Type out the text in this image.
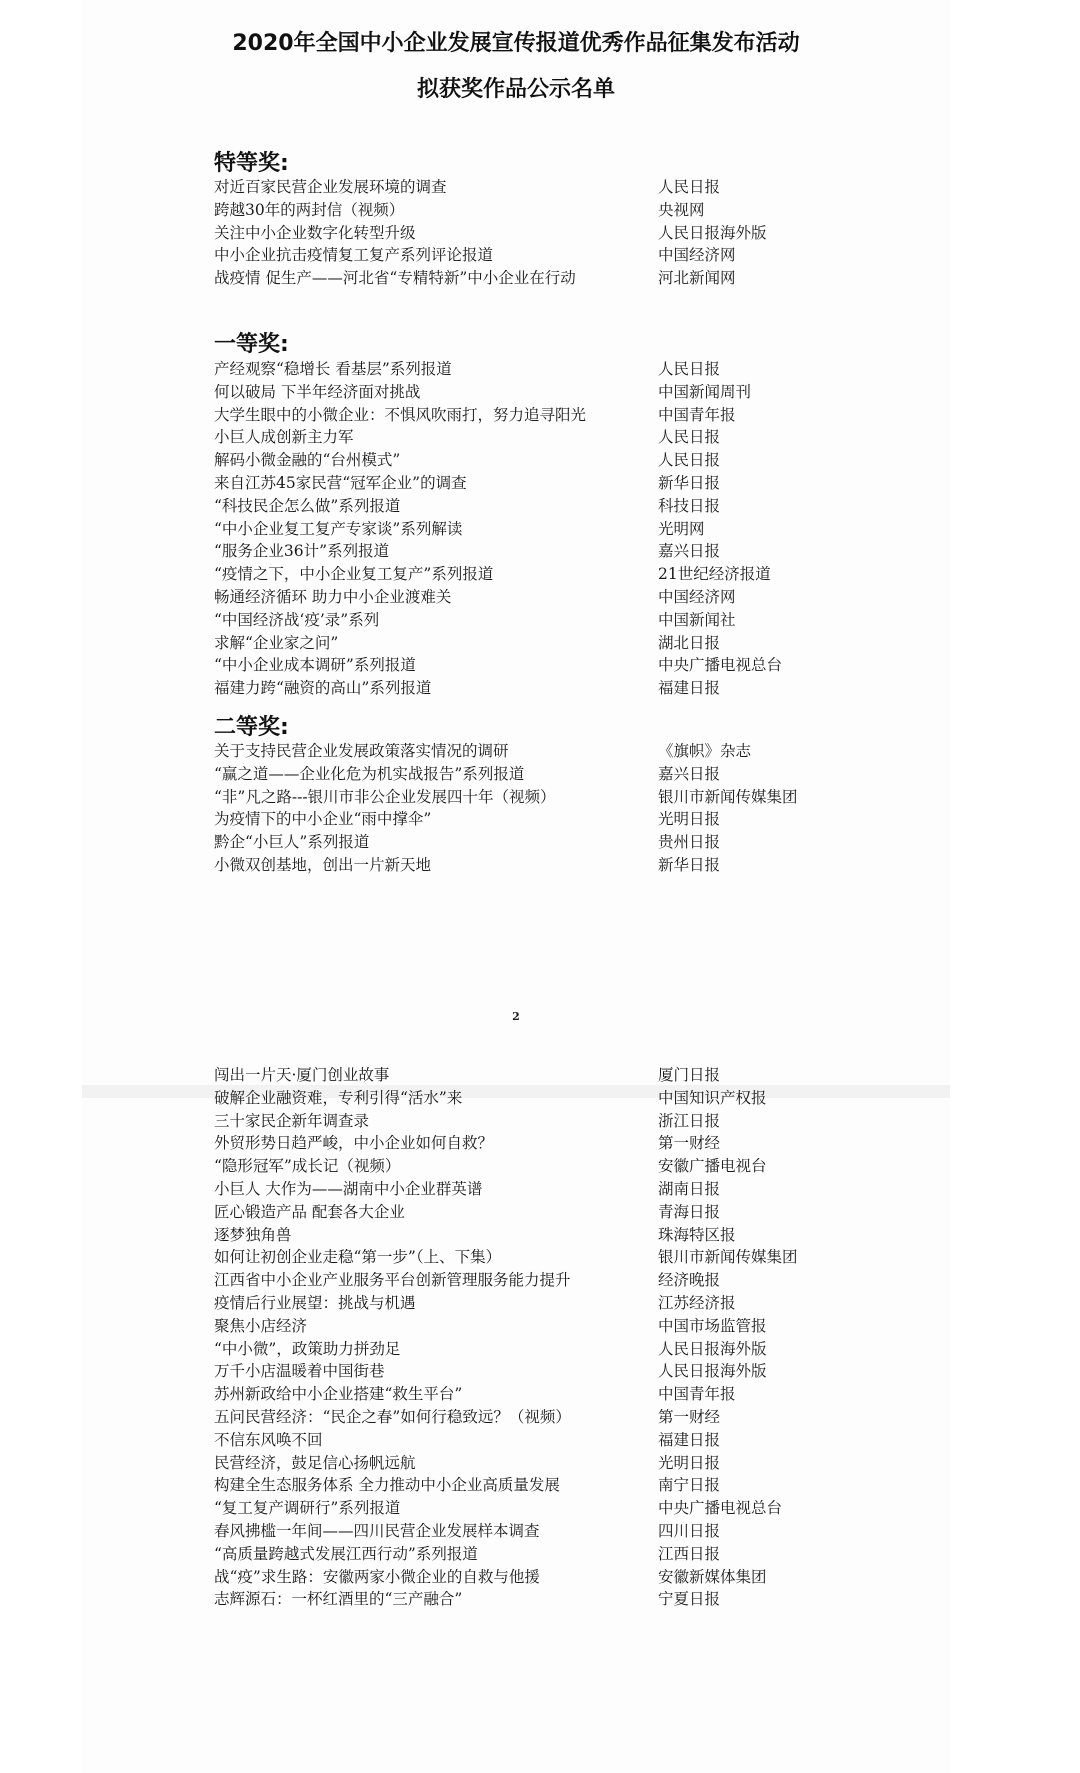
2020年全国中小企业发展宣传报道优秀作品征集发布活动
拟获奖作品公示名单
特等奖:
对近百家民营企业发展环境的调查	人民日报
跨越30年的两封信（视频）	央视网
关注中小企业数字化转型升级	人民日报海外版
中小企业抗击疫情复工复产系列评论报道	中国经济网
战疫情 促生产——河北省“专精特新”中小企业在行动	河北新闻网
一等奖:
产经观察“稳增长 看基层”系列报道	人民日报
何以破局 下半年经济面对挑战	中国新闻周刊
大学生眼中的小微企业：不惧风吹雨打，努力追寻阳光	中国青年报
小巨人成创新主力军	人民日报
解码小微金融的“台州模式”	人民日报
来自江苏45家民营“冠军企业”的调查	新华日报
“科技民企怎么做”系列报道	科技日报
“中小企业复工复产专家谈”系列解读	光明网
“服务企业36计”系列报道	嘉兴日报
“疫情之下，中小企业复工复产”系列报道	21世纪经济报道
畅通经济循环 助力中小企业渡难关	中国经济网
“中国经济战‘疫’录”系列	中国新闻社
求解“企业家之问”	湖北日报
“中小企业成本调研”系列报道	中央广播电视总台
福建力跨“融资的高山”系列报道	福建日报
二等奖:
关于支持民营企业发展政策落实情况的调研	《旗帜》杂志
“赢之道——企业化危为机实战报告”系列报道	嘉兴日报
“非”凡之路---银川市非公企业发展四十年（视频）	银川市新闻传媒集团
为疫情下的中小企业“雨中撑伞”	光明日报
黔企“小巨人”系列报道	贵州日报
小微双创基地，创出一片新天地	新华日报
2
闯出一片天·厦门创业故事	厦门日报
破解企业融资难，专利引得“活水”来	中国知识产权报
三十家民企新年调查录	浙江日报
外贸形势日趋严峻，中小企业如何自救？	第一财经
“隐形冠军”成长记（视频）	安徽广播电视台
小巨人 大作为——湖南中小企业群英谱	湖南日报
匠心锻造产品 配套各大企业	青海日报
逐梦独角兽	珠海特区报
如何让初创企业走稳“第一步”（上、下集）	银川市新闻传媒集团
江西省中小企业产业服务平台创新管理服务能力提升	经济晚报
疫情后行业展望：挑战与机遇	江苏经济报
聚焦小店经济	中国市场监管报
“中小微”，政策助力拼劲足	人民日报海外版
万千小店温暖着中国街巷	人民日报海外版
苏州新政给中小企业搭建“救生平台”	中国青年报
五问民营经济：“民企之春”如何行稳致远？（视频）	第一财经
不信东风唤不回	福建日报
民营经济，鼓足信心扬帆远航	光明日报
构建全生态服务体系 全力推动中小企业高质量发展	南宁日报
“复工复产调研行”系列报道	中央广播电视总台
春风拂槛一年间——四川民营企业发展样本调查	四川日报
“高质量跨越式发展江西行动”系列报道	江西日报
战“疫”求生路：安徽两家小微企业的自救与他援	安徽新媒体集团
志辉源石：一杯红酒里的“三产融合”	宁夏日报
